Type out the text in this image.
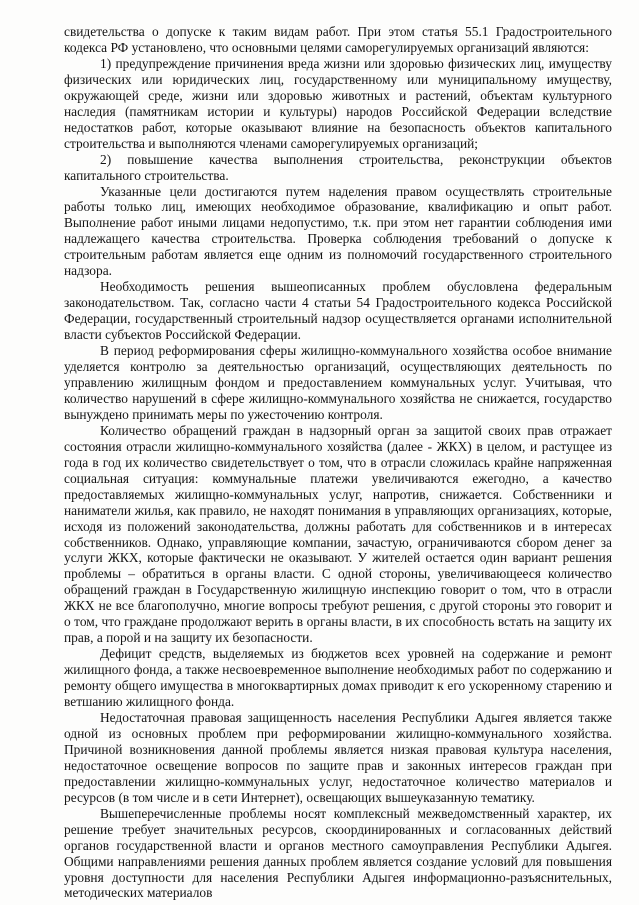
свидетельства о допуске к таким видам работ. При этом статья 55.1 Градостроительного кодекса РФ установлено, что основными целями саморегулируемых организаций являются:

1) предупреждение причинения вреда жизни или здоровью физических лиц, имуществу физических или юридических лиц, государственному или муниципальному имуществу, окружающей среде, жизни или здоровью животных и растений, объектам культурного наследия (памятникам истории и культуры) народов Российской Федерации вследствие недостатков работ, которые оказывают влияние на безопасность объектов капитального строительства и выполняются членами саморегулируемых организаций;

2) повышение качества выполнения строительства, реконструкции объектов капитального строительства.

Указанные цели достигаются путем наделения правом осуществлять строительные работы только лиц, имеющих необходимое образование, квалификацию и опыт работ. Выполнение работ иными лицами недопустимо, т.к. при этом нет гарантии соблюдения ими надлежащего качества строительства. Проверка соблюдения требований о допуске к строительным работам является еще одним из полномочий государственного строительного надзора.

Необходимость решения вышеописанных проблем обусловлена федеральным законодательством. Так, согласно части 4 статьи 54 Градостроительного кодекса Российской Федерации, государственный строительный надзор осуществляется органами исполнительной власти субъектов Российской Федерации.

В период реформирования сферы жилищно-коммунального хозяйства особое внимание уделяется контролю за деятельностью организаций, осуществляющих деятельность по управлению жилищным фондом и предоставлением коммунальных услуг. Учитывая, что количество нарушений в сфере жилищно-коммунального хозяйства не снижается, государство вынуждено принимать меры по ужесточению контроля.

Количество обращений граждан в надзорный орган за защитой своих прав отражает состояния отрасли жилищно-коммунального хозяйства (далее - ЖКХ) в целом, и растущее из года в год их количество свидетельствует о том, что в отрасли сложилась крайне напряженная социальная ситуация: коммунальные платежи увеличиваются ежегодно, а качество предоставляемых жилищно-коммунальных услуг, напротив, снижается. Собственники и наниматели жилья, как правило, не находят понимания в управляющих организациях, которые, исходя из положений законодательства, должны работать для собственников и в интересах собственников. Однако, управляющие компании, зачастую, ограничиваются сбором денег за услуги ЖКХ, которые фактически не оказывают. У жителей остается один вариант решения проблемы – обратиться в органы власти. С одной стороны, увеличивающееся количество обращений граждан в Государственную жилищную инспекцию говорит о том, что в отрасли ЖКХ не все благополучно, многие вопросы требуют решения, с другой стороны это говорит и о том, что граждане продолжают верить в органы власти, в их способность встать на защиту их прав, а порой и на защиту их безопасности.

Дефицит средств, выделяемых из бюджетов всех уровней на содержание и ремонт жилищного фонда, а также несвоевременное выполнение необходимых работ по содержанию и ремонту общего имущества в многоквартирных домах приводит к его ускоренному старению и ветшанию жилищного фонда.

Недостаточная правовая защищенность населения Республики Адыгея является также одной из основных проблем при реформировании жилищно-коммунального хозяйства. Причиной возникновения данной проблемы является низкая правовая культура населения, недостаточное освещение вопросов по защите прав и законных интересов граждан при предоставлении жилищно-коммунальных услуг, недостаточное количество материалов и ресурсов (в том числе и в сети Интернет), освещающих вышеуказанную тематику.

Вышеперечисленные проблемы носят комплексный межведомственный характер, их решение требует значительных ресурсов, скоординированных и согласованных действий органов государственной власти и органов местного самоуправления Республики Адыгея. Общими направлениями решения данных проблем является создание условий для повышения уровня доступности для населения Республики Адыгея информационно-разъяснительных, методических материалов
